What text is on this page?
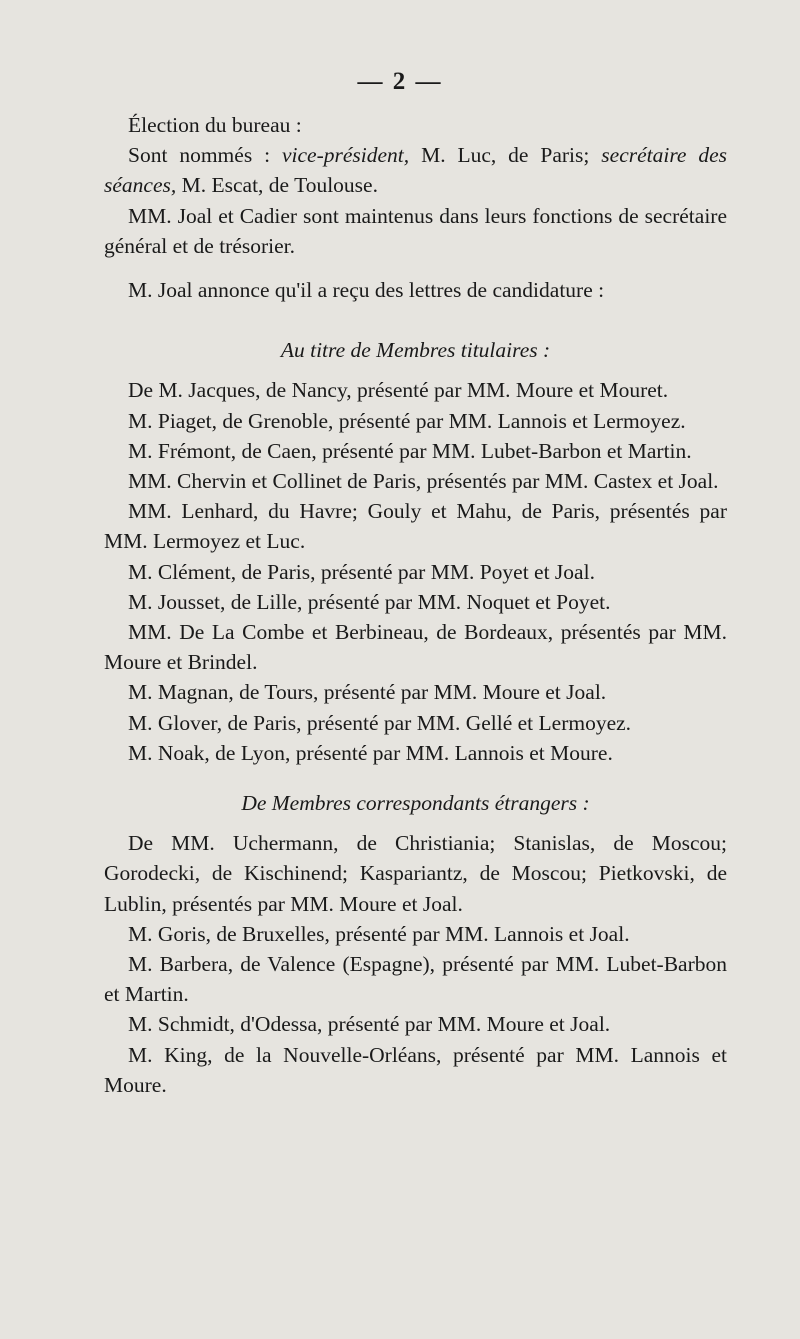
— 2 —

Élection du bureau :

Sont nommés : vice-président, M. Luc, de Paris; secrétaire des séances, M. Escat, de Toulouse.

MM. Joal et Cadier sont maintenus dans leurs fonctions de secrétaire général et de trésorier.

M. Joal annonce qu'il a reçu des lettres de candidature :

Au titre de Membres titulaires :

De M. Jacques, de Nancy, présenté par MM. Moure et Mouret.

M. Piaget, de Grenoble, présenté par MM. Lannois et Lermoyez.

M. Frémont, de Caen, présenté par MM. Lubet-Barbon et Martin.

MM. Chervin et Collinet de Paris, présentés par MM. Castex et Joal.

MM. Lenhard, du Havre; Gouly et Mahu, de Paris, présentés par MM. Lermoyez et Luc.

M. Clément, de Paris, présenté par MM. Poyet et Joal.

M. Jousset, de Lille, présenté par MM. Noquet et Poyet.

MM. De La Combe et Berbineau, de Bordeaux, présentés par MM. Moure et Brindel.

M. Magnan, de Tours, présenté par MM. Moure et Joal.

M. Glover, de Paris, présenté par MM. Gellé et Lermoyez.

M. Noak, de Lyon, présenté par MM. Lannois et Moure.

De Membres correspondants étrangers :

De MM. Uchermann, de Christiania; Stanislas, de Moscou; Gorodecki, de Kischinend; Kaspariantz, de Moscou; Pietkovski, de Lublin, présentés par MM. Moure et Joal.

M. Goris, de Bruxelles, présenté par MM. Lannois et Joal.

M. Barbera, de Valence (Espagne), présenté par MM. Lubet-Barbon et Martin.

M. Schmidt, d'Odessa, présenté par MM. Moure et Joal.

M. King, de la Nouvelle-Orléans, présenté par MM. Lannois et Moure.
